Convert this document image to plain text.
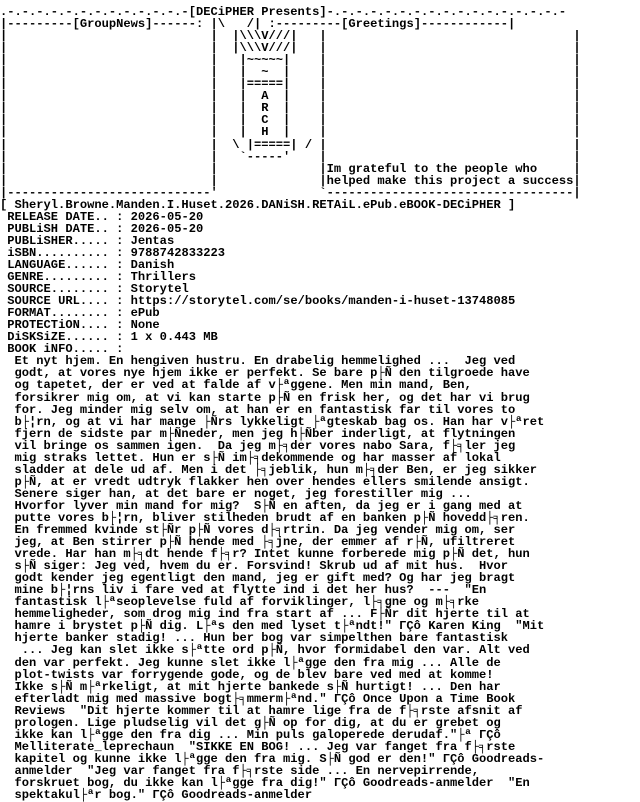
.-.-.-.-.-.-.-.-.-.-.-.-.-[DECiPHER Presents]-.-.-.-.-.-.-.-.-.-.-.-.-.-.-.-.-
|---------[GroupNews]------: |\   /| :---------[Greetings]------------|
|                            |  |\\\V///|   |	|
|                            |  |\\\V///|   |	|
|                            |   |~~~~~|    |	|
|                            |   |  ~  |    |	|
|                            |   |=====|    |	|
|                            |   |  A  |    |	|
|                            |   |  R  |    |	|
|                            |   |  C  |    |	|
|                            |   |  H  |    |	|
|                            |  \ |=====| / |	|
|                            |   `-----'    |	|
|                            |	|Im grateful to the people who     |
|                            |	|helped make this project a success|
|----------------------------'              `----------------------------------|
[ Sheryl.Browne.Manden.I.Huset.2026.DANiSH.RETAiL.ePub.eBOOK-DECiPHER ]
RELEASE DATE.. : 2026-05-20
PUBLiSH DATE.. : 2026-05-20
PUBLiSHER..... : Jentas
iSBN.......... : 9788742833223
LANGUAGE...... : Danish
GENRE......... : Thrillers
SOURCE........ : Storytel
SOURCE URL.... : https://storytel.com/se/books/manden-i-huset-13748085
FORMAT........ : ePub
PROTECTiON.... : None
DiSKSiZE...... : 1 x 0.443 MB
BOOK iNFO..... :
Et nyt hjem. En hengiven hustru. En drabelig hemmelighed ...  Jeg ved
godt, at vores nye hjem ikke er perfekt. Se bare p├Ñ den tilgroede have
og tapetet, der er ved at falde af v├ªggene. Men min mand, Ben,
forsikrer mig om, at vi kan starte p├Ñ en frisk her, og det har vi brug
for. Jeg minder mig selv om, at han er en fantastisk far til vores to
b├¦rn, og at vi har mange ├Ñrs lykkeligt ├ªgteskab bag os. Han har v├ªret
fjern de sidste par m├Ñneder, men jeg h├Ñber inderligt, at flytningen
vil bringe os sammen igen.  Da jeg m├╕der vores nabo Sara, f├╕ler jeg
mig straks lettet. Hun er s├Ñ im├╕dekommende og har masser af lokal
sladder at dele ud af. Men i det ├╕jeblik, hun m├╕der Ben, er jeg sikker
p├Ñ, at er vredt udtryk flakker hen over hendes ellers smilende ansigt.
Senere siger han, at det bare er noget, jeg forestiller mig ...
Hvorfor lyver min mand for mig?  S├Ñ en aften, da jeg er i gang med at
putte vores b├¦rn, bliver stilheden brudt af en banken p├Ñ hovedd├╕ren.
En fremmed kvinde st├Ñr p├Ñ vores d├╕rtrin. Da jeg vender mig om, ser
jeg, at Ben stirrer p├Ñ hende med ├╕jne, der emmer af r├Ñ, ufiltreret
vrede. Har han m├╕dt hende f├╕r? Intet kunne forberede mig p├Ñ det, hun
s├Ñ siger: Jeg ved, hvem du er. Forsvind! Skrub ud af mit hus.  Hvor
godt kender jeg egentligt den mand, jeg er gift med? Og har jeg bragt
mine b├¦rns liv i fare ved at flytte ind i det her hus?  ---  "En
fantastisk l├ªseoplevelse fuld af forviklinger, l├╕gne og m├╕rke
hemmeligheder, som drog mig ind fra start af ... F├Ñr dit hjerte til at
hamre i brystet p├Ñ dig. L├ªs den med lyset t├ªndt!" ΓÇô Karen King  "Mit
hjerte banker stadig! ... Hun ber bog var simpelthen bare fantastisk
... Jeg kan slet ikke s├ªtte ord p├Ñ, hvor formidabel den var. Alt ved
den var perfekt. Jeg kunne slet ikke l├ªgge den fra mig ... Alle de
plot-twists var forrygende gode, og de blev bare ved med at komme!
Ikke s├Ñ m├ªrkeligt, at mit hjerte bankede s├Ñ hurtigt! ... Den har
efterladt mig med massive bogt├╕mmerm├ªnd." ΓÇô Once Upon a Time Book
Reviews  "Dit hjerte kommer til at hamre lige fra de f├╕rste afsnit af
prologen. Lige pludselig vil det g├Ñ op for dig, at du er grebet og
ikke kan l├ªgge den fra dig ... Min puls galoperede derudaf."├ª ΓÇô
Melliterate_leprechaun  "SIKKE EN BOG! ... Jeg var fanget fra f├╕rste
kapitel og kunne ikke l├ªgge den fra mig. S├Ñ god er den!" ΓÇô Goodreads-
anmelder  "Jeg var fanget fra f├╕rste side ... En nervepirrende,
forskruet bog, du ikke kan l├ªgge fra dig!" ΓÇô Goodreads-anmelder  "En
spektakul├ªr bog." ΓÇô Goodreads-anmelder
